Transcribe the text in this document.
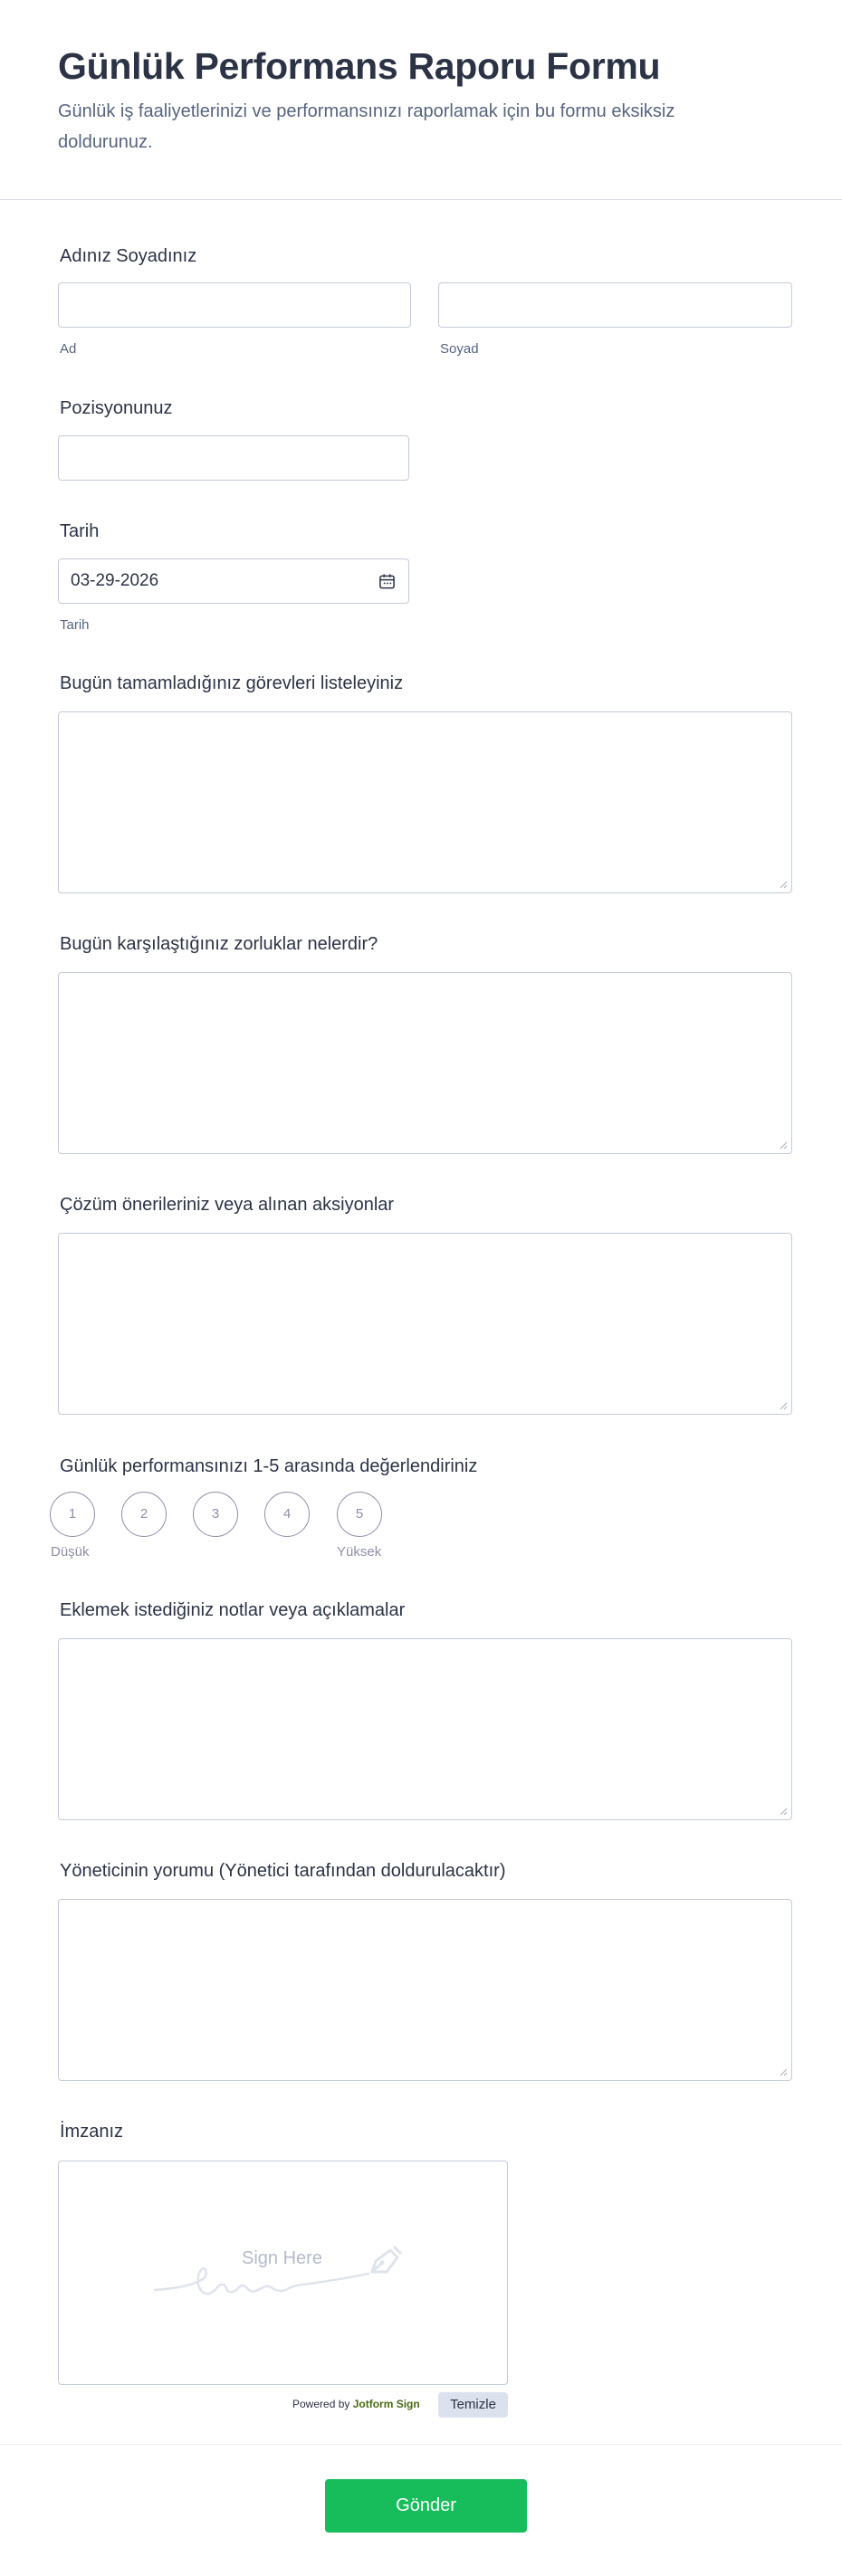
Günlük Performans Raporu Formu

Günlük iş faaliyetlerinizi ve performansınızı raporlamak için bu formu eksiksiz doldurunuz.

Adınız Soyadınız
Ad	Soyad
Pozisyonunuz
Tarih
03-29-2026
Tarih
Bugün tamamladığınız görevleri listeleyiniz
Bugün karşılaştığınız zorluklar nelerdir?
Çözüm önerileriniz veya alınan aksiyonlar
Günlük performansınızı 1-5 arasında değerlendiriniz
1	2	3	4	5
Düşük	Yüksek
Eklemek istediğiniz notlar veya açıklamalar
Yöneticinin yorumu (Yönetici tarafından doldurulacaktır)
İmzanız
Sign Here
Powered by Jotform Sign	Temizle
Gönder
